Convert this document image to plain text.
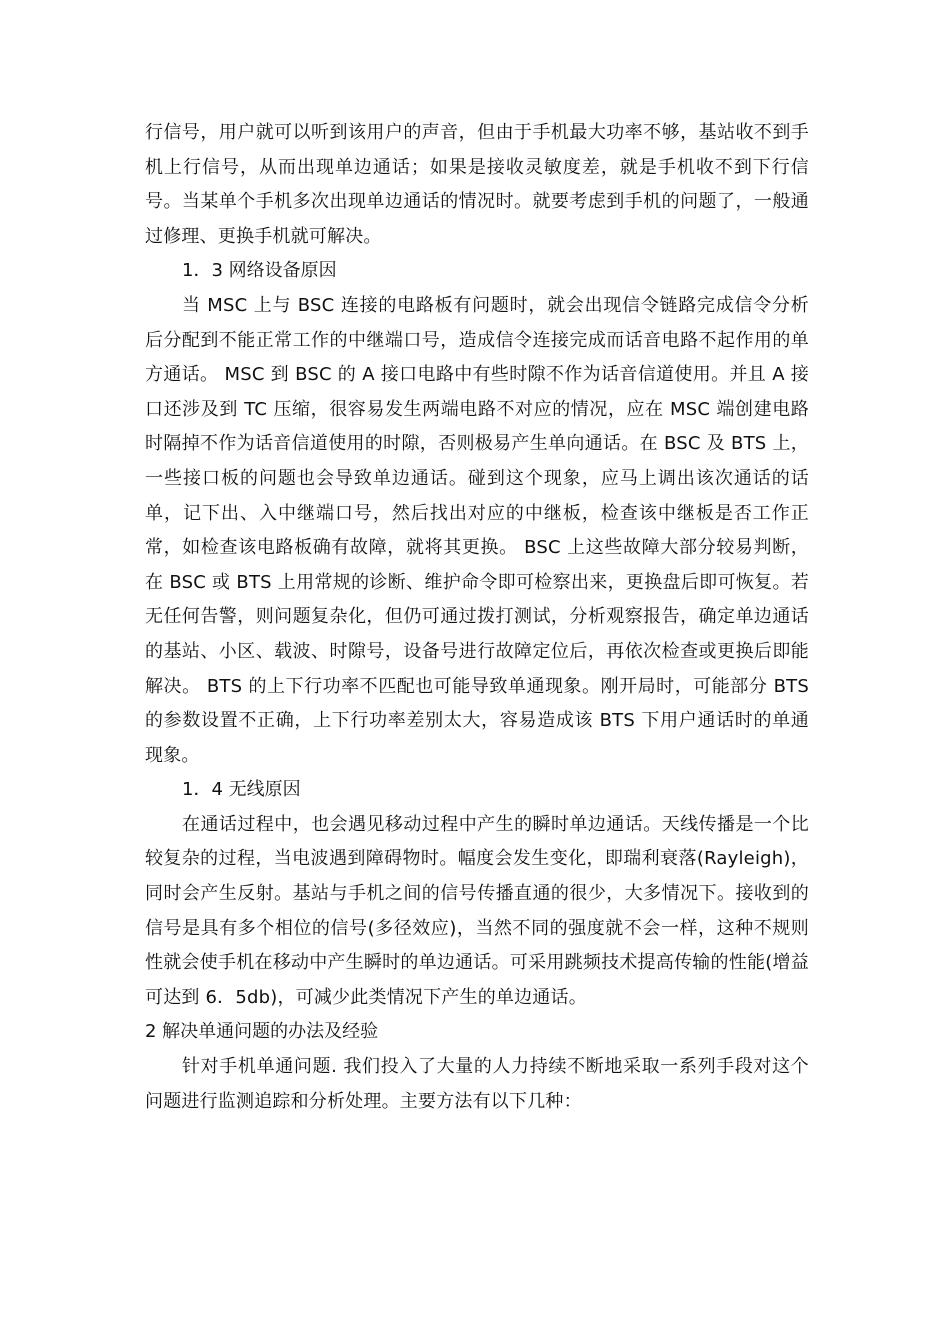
行信号，用户就可以听到该用户的声音，但由于手机最大功率不够，基站收不到手机上行信号，从而出现单边通话；如果是接收灵敏度差，就是手机收不到下行信号。当某单个手机多次出现单边通话的情况时。就要考虑到手机的问题了，一般通过修理、更换手机就可解决。

1．3 网络设备原因

当 MSC 上与 BSC 连接的电路板有问题时，就会出现信令链路完成信令分析后分配到不能正常工作的中继端口号，造成信令连接完成而话音电路不起作用的单方通话。 MSC 到 BSC 的 A 接口电路中有些时隙不作为话音信道使用。并且 A 接口还涉及到 TC 压缩，很容易发生两端电路不对应的情况，应在 MSC 端创建电路时隔掉不作为话音信道使用的时隙，否则极易产生单向通话。在 BSC 及 BTS 上，一些接口板的问题也会导致单边通话。碰到这个现象，应马上调出该次通话的话单，记下出、入中继端口号，然后找出对应的中继板，检查该中继板是否工作正常，如检查该电路板确有故障，就将其更换。 BSC 上这些故障大部分较易判断，在 BSC 或 BTS 上用常规的诊断、维护命令即可检察出来，更换盘后即可恢复。若无任何告警，则问题复杂化，但仍可通过拨打测试，分析观察报告，确定单边通话的基站、小区、载波、时隙号，设备号进行故障定位后，再依次检查或更换后即能解决。 BTS 的上下行功率不匹配也可能导致单通现象。刚开局时，可能部分 BTS 的参数设置不正确，上下行功率差别太大，容易造成该 BTS 下用户通话时的单通现象。

1．4 无线原因

在通话过程中，也会遇见移动过程中产生的瞬时单边通话。天线传播是一个比较复杂的过程，当电波遇到障碍物时。幅度会发生变化，即瑞利衰落(Rayleigh)，同时会产生反射。基站与手机之间的信号传播直通的很少，大多情况下。接收到的信号是具有多个相位的信号(多径效应)，当然不同的强度就不会一样，这种不规则性就会使手机在移动中产生瞬时的单边通话。可采用跳频技术提高传输的性能(增益可达到 6．5db)，可减少此类情况下产生的单边通话。

2 解决单通问题的办法及经验

针对手机单通问题. 我们投入了大量的人力持续不断地采取一系列手段对这个问题进行监测追踪和分析处理。主要方法有以下几种：
